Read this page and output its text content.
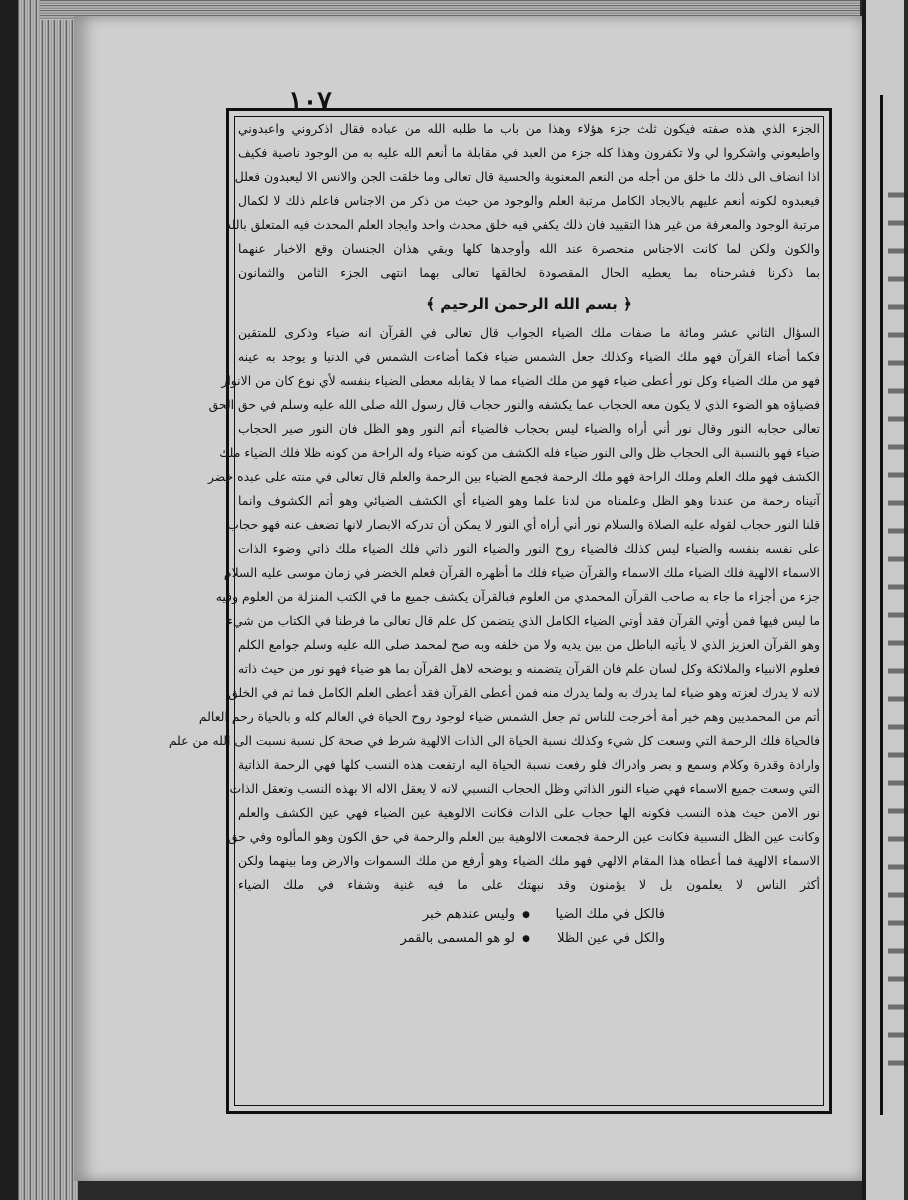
١٠٧
الجزء الذي هذه صفته فيكون ثلث جزء هؤلاء وهذا من باب ما طلبه الله من عباده فقال اذكروني واعبدوني
واطيعوني واشكروا لي ولا تكفرون وهذا كله جزء من العبد في مقابلة ما أنعم الله عليه به من الوجود ناصية فكيف
اذا انضاف الى ذلك ما خلق من أجله من النعم المعنوية والحسية قال تعالى وما خلقت الجن والانس الا ليعبدون فعلل
فيعبدوه لكونه أنعم عليهم بالايجاد الكامل مرتبة العلم والوجود من حيث من ذكر من الاجناس فاعلم ذلك لا لكمال
مرتبة الوجود والمعرفة من غير هذا التقييد فان ذلك يكفي فيه خلق محدث واحد وايجاد العلم المحدث فيه المتعلق بالله
والكون ولكن لما كانت الاجناس منحصرة عند الله وأوجدها كلها وبقي هذان الجنسان وقع الاخبار عنهما
بما ذكرنا فشرحناه بما يعطيه الحال المقصودة لخالقها تعالى بهما انتهى الجزء الثامن والثمانون
﴿ بسم الله الرحمن الرحيم ﴾
السؤال الثاني عشر ومائة ما صفات ملك الضياء الجواب قال تعالى في القرآن انه ضياء وذكرى للمتقين
فكما أضاء القرآن فهو ملك الضياء وكذلك جعل الشمس ضياء فكما أضاءت الشمس في الدنيا و يوجد به عينه
فهو من ملك الضياء وكل نور أعطى ضياء فهو من ملك الضياء مما لا يقابله معطى الضياء بنفسه لأي نوع كان من الانوار
فضياؤه هو الضوء الذي لا يكون معه الحجاب عما يكشفه والنور حجاب قال رسول الله صلى الله عليه وسلم في حق الحق
تعالى حجابه النور وقال نور أني أراه والضياء ليس بحجاب فالضياء أتم النور وهو الظل فان النور صير الحجاب
ضياء فهو بالنسبة الى الحجاب ظل والى النور ضياء فله الكشف من كونه ضياء وله الراحة من كونه ظلا فلك الضياء ملك
الكشف فهو ملك العلم وملك الراحة فهو ملك الرحمة فجمع الضياء بين الرحمة والعلم قال تعالى في منته على عبده خضر
آتيناه رحمة من عندنا وهو الظل وعلمناه من لدنا علما وهو الضياء أي الكشف الضيائي وهو أتم الكشوف وانما
قلنا النور حجاب لقوله عليه الصلاة والسلام نور أني أراه أي النور لا يمكن أن تدركه الابصار لانها تضعف عنه فهو حجاب
على نفسه بنفسه والضياء ليس كذلك فالضياء روح النور والضياء النور ذاتي فلك الضياء ملك ذاتي وضوء الذات
الاسماء الالهية فلك الضياء ملك الاسماء والقرآن ضياء فلك ما أظهره القرآن فعلم الخضر في زمان موسى عليه السلام
جزء من أجزاء ما جاء به صاحب القرآن المحمدي من العلوم فبالقرآن يكشف جميع ما في الكتب المنزلة من العلوم وفيه
ما ليس فيها فمن أوتي القرآن فقد أوتي الضياء الكامل الذي يتضمن كل علم قال تعالى ما فرطنا في الكتاب من شيء
وهو القرآن العزيز الذي لا يأتيه الباطل من بين يديه ولا من خلفه وبه صح لمحمد صلى الله عليه وسلم جوامع الكلم
فعلوم الانبياء والملائكة وكل لسان علم فان القرآن يتضمنه و يوضحه لاهل القرآن بما هو ضياء فهو نور من حيث ذاته
لانه لا يدرك لعزته وهو ضياء لما يدرك به ولما يدرك منه فمن أعطى القرآن فقد أعطى العلم الكامل فما ثم في الخلق
أتم من المحمديين وهم خير أمة أخرجت للناس ثم جعل الشمس ضياء لوجود روح الحياة في العالم كله و بالحياة رحم العالم
فالحياة فلك الرحمة التي وسعت كل شيء وكذلك نسبة الحياة الى الذات الالهية شرط في صحة كل نسبة نسبت الى الله من علم
وارادة وقدرة وكلام وسمع و بصر وادراك فلو رفعت نسبة الحياة اليه ارتفعت هذه النسب كلها فهي الرحمة الذاتية
التي وسعت جميع الاسماء فهي ضياء النور الذاتي وظل الحجاب النسبي لانه لا يعقل الاله الا بهذه النسب وتعقل الذات
نور الامن حيث هذه النسب فكونه الها حجاب على الذات فكانت الالوهية عين الضياء فهي عين الكشف والعلم
وكانت عين الظل النسبية فكانت عين الرحمة فجمعت الالوهية بين العلم والرحمة في حق الكون وهو المألوه وفي حق
الاسماء الالهية فما أعطاه هذا المقام الالهي فهو ملك الضياء وهو أرفع من ملك السموات والارض وما بينهما ولكن
أكثر الناس لا يعلمون بل لا يؤمنون وقد نبهتك على ما فيه غنية وشفاء في ملك الضياء
فالكل في ملك الضيا
●
وليس عندهم خبر
والكل في عين الظلا
●
لو هو المسمى بالقمر
